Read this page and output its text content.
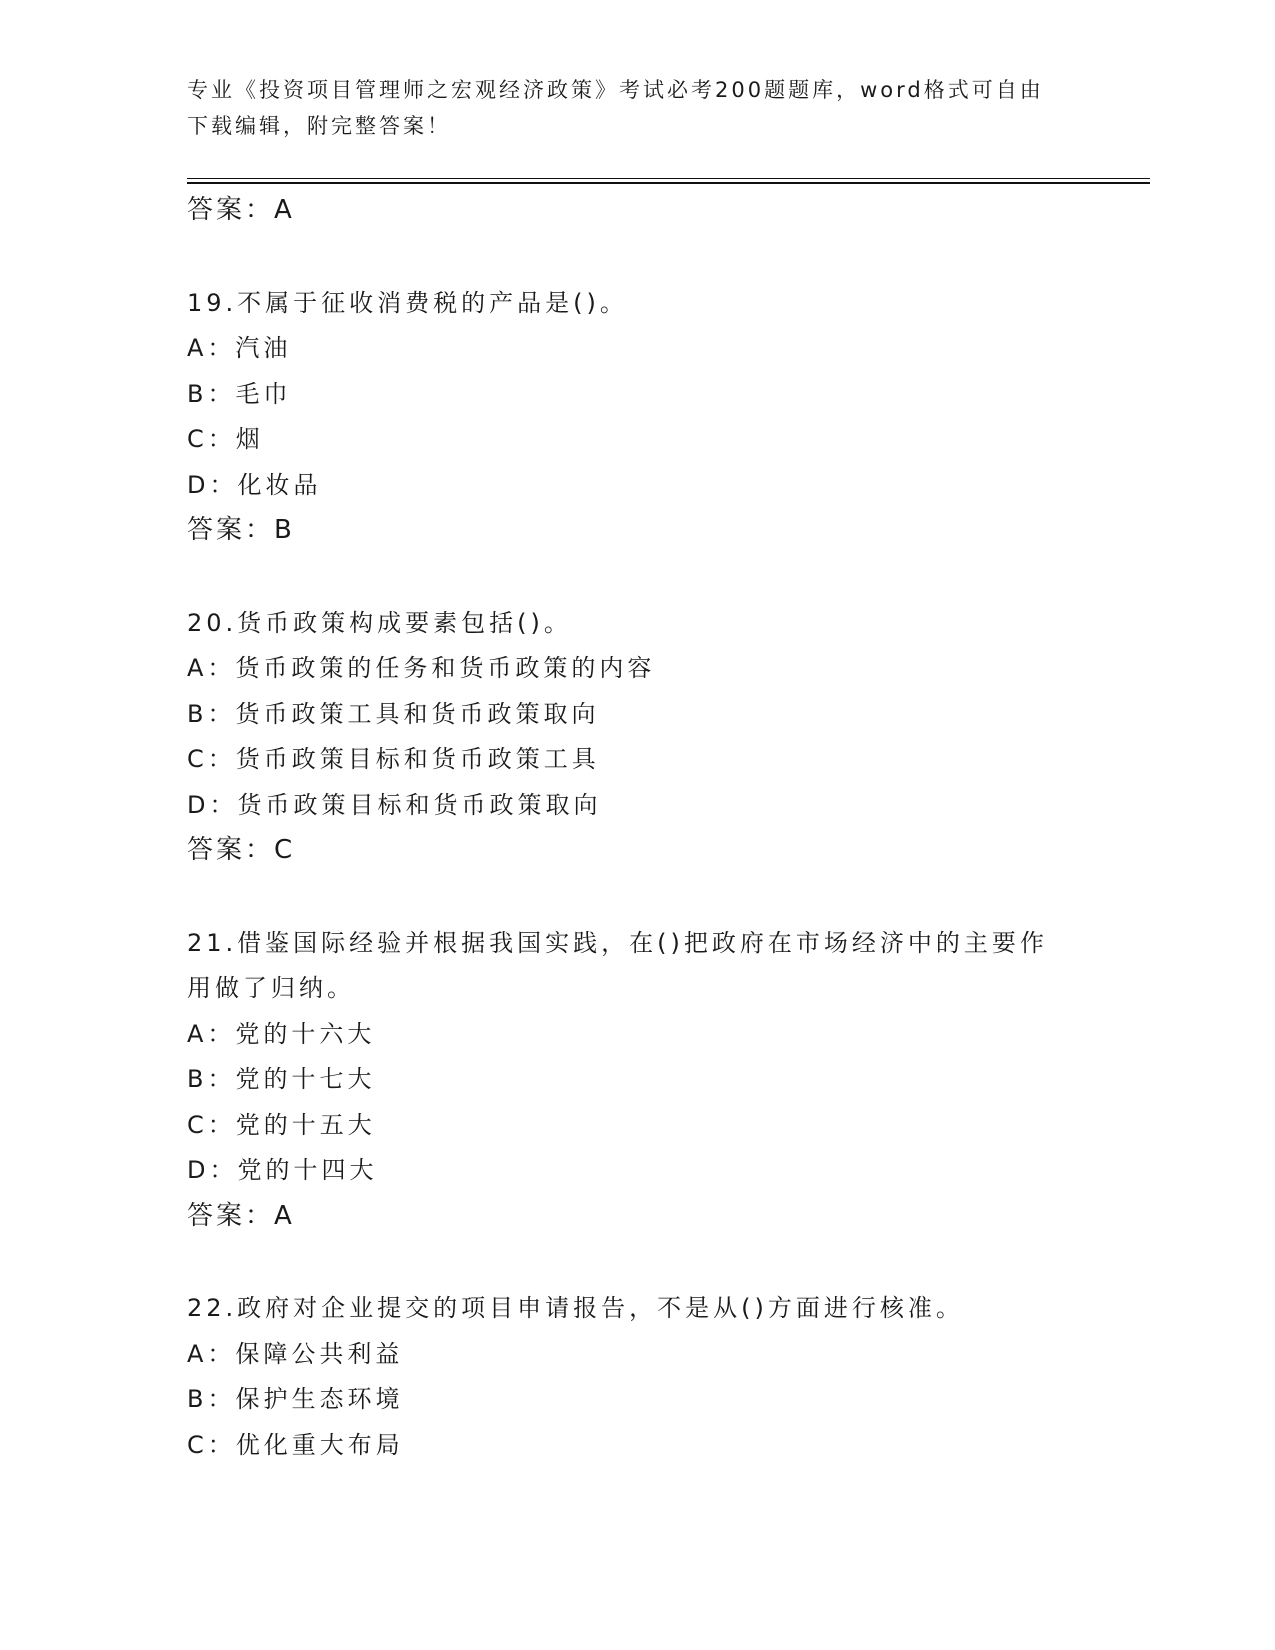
专业《投资项目管理师之宏观经济政策》考试必考200题题库，word格式可自由下载编辑，附完整答案！
答案：A
19.不属于征收消费税的产品是()。
A：汽油
B：毛巾
C：烟
D：化妆品
答案：B
20.货币政策构成要素包括()。
A：货币政策的任务和货币政策的内容
B：货币政策工具和货币政策取向
C：货币政策目标和货币政策工具
D：货币政策目标和货币政策取向
答案：C
21.借鉴国际经验并根据我国实践，在()把政府在市场经济中的主要作
用做了归纳。
A：党的十六大
B：党的十七大
C：党的十五大
D：党的十四大
答案：A
22.政府对企业提交的项目申请报告，不是从()方面进行核准。
A：保障公共利益
B：保护生态环境
C：优化重大布局
